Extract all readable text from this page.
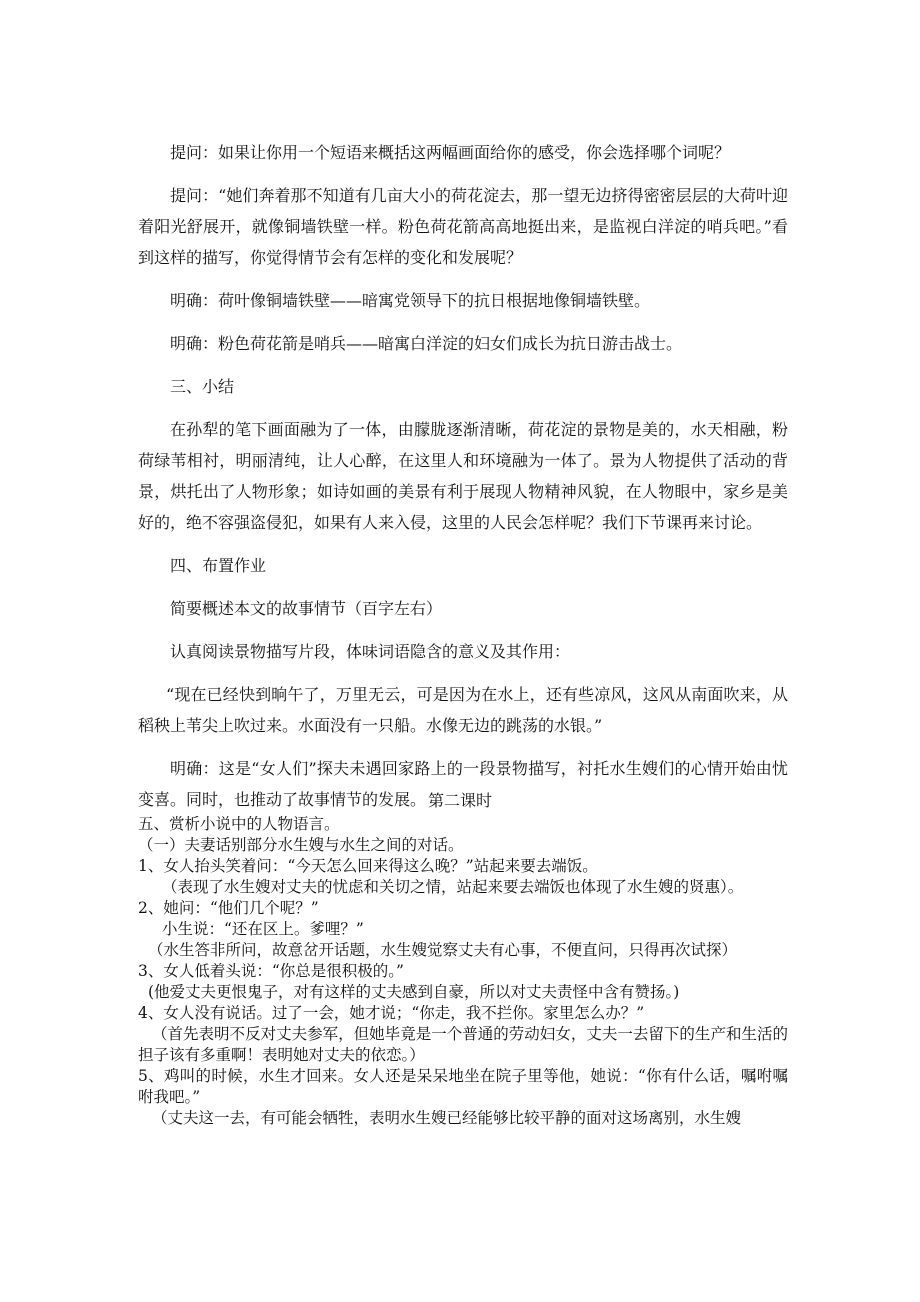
提问：如果让你用一个短语来概括这两幅画面给你的感受，你会选择哪个词呢？

提问：“她们奔着那不知道有几亩大小的荷花淀去，那一望无边挤得密密层层的大荷叶迎着阳光舒展开，就像铜墙铁壁一样。粉色荷花箭高高地挺出来，是监视白洋淀的哨兵吧。”看到这样的描写，你觉得情节会有怎样的变化和发展呢？

明确：荷叶像铜墙铁壁——暗寓党领导下的抗日根据地像铜墙铁壁。

明确：粉色荷花箭是哨兵——暗寓白洋淀的妇女们成长为抗日游击战士。

三、小结

在孙犁的笔下画面融为了一体，由朦胧逐渐清晰，荷花淀的景物是美的，水天相融，粉荷绿苇相衬，明丽清纯，让人心醉，在这里人和环境融为一体了。景为人物提供了活动的背景，烘托出了人物形象；如诗如画的美景有利于展现人物精神风貌，在人物眼中，家乡是美好的，绝不容强盗侵犯，如果有人来入侵，这里的人民会怎样呢？我们下节课再来讨论。

四、布置作业

简要概述本文的故事情节（百字左右）

认真阅读景物描写片段，体味词语隐含的意义及其作用：

“现在已经快到晌午了，万里无云，可是因为在水上，还有些凉风，这风从南面吹来，从稻秧上苇尖上吹过来。水面没有一只船。水像无边的跳荡的水银。”

明确：这是“女人们”探夫未遇回家路上的一段景物描写，衬托水生嫂们的心情开始由忧变喜。同时，也推动了故事情节的发展。 第二课时

五、赏析小说中的人物语言。

（一）夫妻话别部分水生嫂与水生之间的对话。

1、女人抬头笑着问：“今天怎么回来得这么晚？”站起来要去端饭。

（表现了水生嫂对丈夫的忧虑和关切之情，站起来要去端饭也体现了水生嫂的贤惠）。

2、她问：“他们几个呢？”

小生说：“还在区上。爹哩？”

（水生答非所问，故意岔开话题，水生嫂觉察丈夫有心事，不便直问，只得再次试探）

3、女人低着头说：“你总是很积极的。”

(他爱丈夫更恨鬼子，对有这样的丈夫感到自豪，所以对丈夫责怪中含有赞扬。)

4、女人没有说话。过了一会，她才说；“你走，我不拦你。家里怎么办？”

（首先表明不反对丈夫参军，但她毕竟是一个普通的劳动妇女，丈夫一去留下的生产和生活的担子该有多重啊！表明她对丈夫的依恋。）

5、鸡叫的时候，水生才回来。女人还是呆呆地坐在院子里等他，她说：“你有什么话，嘱咐嘱咐我吧。”

（丈夫这一去，有可能会牺牲，表明水生嫂已经能够比较平静的面对这场离别，水生嫂
